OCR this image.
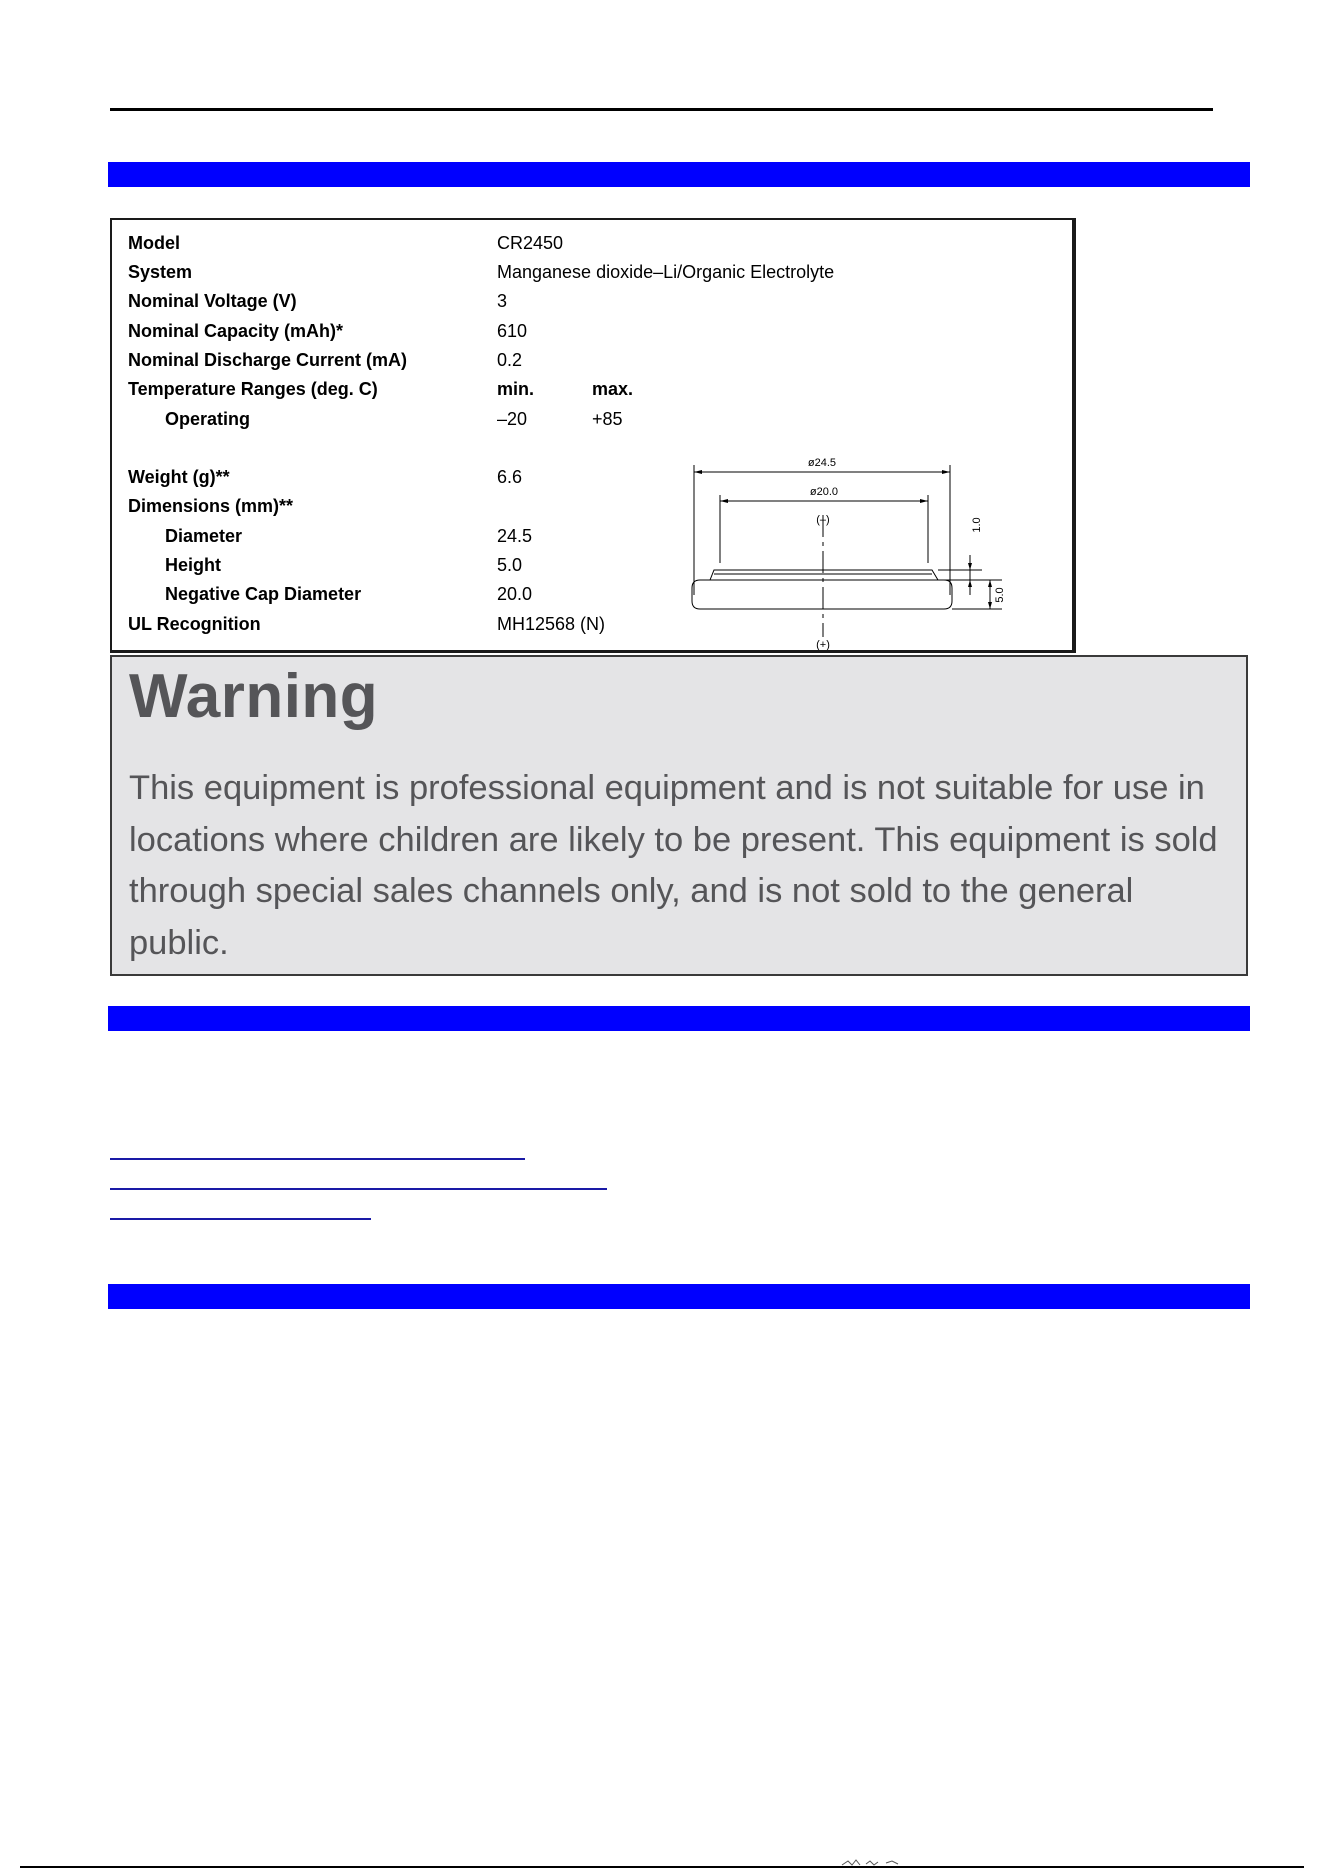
Model	CR2450
System	Manganese dioxide–Li/Organic Electrolyte
Nominal Voltage (V)	3
Nominal Capacity (mAh)*	610
Nominal Discharge Current (mA)	0.2
Temperature Ranges (deg. C)	min.	max.
Operating	–20	+85
Weight (g)**	6.6
Dimensions (mm)**
Diameter	24.5
Height	5.0
Negative Cap Diameter	20.0
UL Recognition	MH12568 (N)
ø24.5
ø20.0
(–)
(+)
1.0
5.0
Warning
This equipment is professional equipment and is not suitable for use in locations where children are likely to be present. This equipment is sold through special sales channels only, and is not sold to the general public.
